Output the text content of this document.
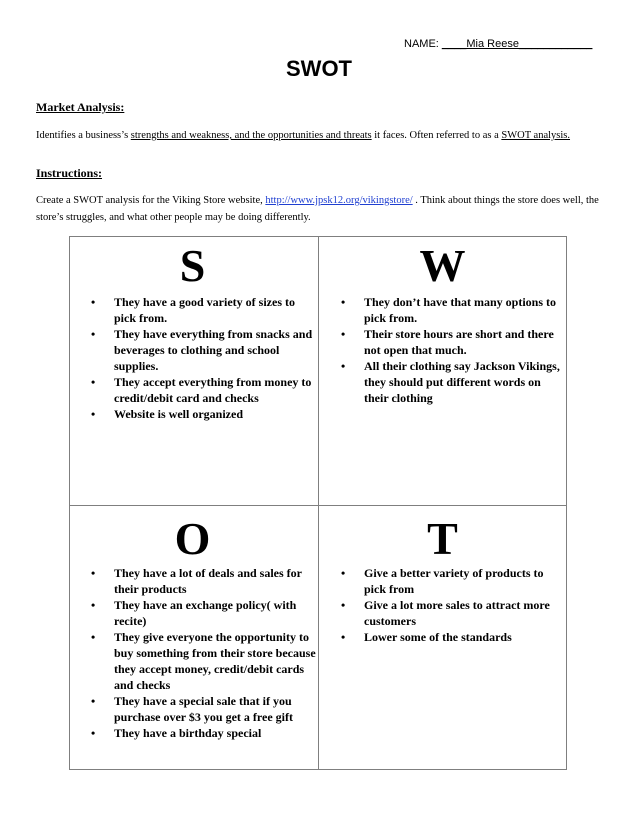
NAME: ____Mia Reese____________
SWOT
Market Analysis:
Identifies a business’s strengths and weakness, and the opportunities and threats it faces. Often referred to as a SWOT analysis.
Instructions:
Create a SWOT analysis for the Viking Store website, http://www.jpsk12.org/vikingstore/ . Think about things the store does well, the store’s struggles, and what other people may be doing differently.
S
• They have a good variety of sizes to pick from.
• They have everything from snacks and beverages to clothing and school supplies.
• They accept everything from money to credit/debit card and checks
• Website is well organized
W
• They don’t have that many options to pick from.
• Their store hours are short and there not open that much.
• All their clothing say Jackson Vikings, they should put different words on their clothing
O
• They have a lot of deals and sales for their products
• They have an exchange policy( with recite)
• They give everyone the opportunity to buy something from their store because they accept money, credit/debit cards and checks
• They have a special sale that if you purchase over $3 you get a free gift
• They have a birthday special
T
• Give a better variety of products to pick from
• Give a lot more sales to attract more customers
• Lower some of the standards
